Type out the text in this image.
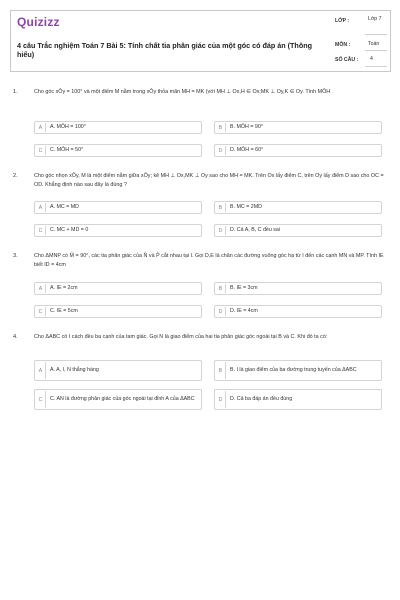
Quizizz
4 câu Trắc nghiệm Toán 7 Bài 5: Tính chất tia phân giác của một góc có đáp án (Thông hiểu)
LỚP :	Lớp 7
MÔN :	Toán
SỐ CÂU : 4
1.	Cho góc xÔy = 100° và một điểm M nằm trong xÔy thỏa mãn MH = MK (với MH ⊥ Ox,H ∈ Ox;MK ⊥ Oy,K ∈ Oy. Tính MÔH
A	A. MÔH = 100°	B	B. MÔH = 90°
C	C. MÔH = 50°	D	D. MÔH = 60°
2.	Cho góc nhọn xÔy, M là một điểm nằm giữa xÔy; kẻ MH ⊥ Ox,MK ⊥ Oy sao cho MH = MK. Trên Ox lấy điểm C, trên Oy lấy điểm D sao cho OC = OD. Khẳng định nào sau đây là đúng ?
A	A. MC = MD	B	B. MC = 2MD
C	C. MC + MD = 0	D	D. Cả A, B, C đều sai
3.	Cho ΔMNP có M̂ = 90°, các tia phân giác của N̂ và P̂ cắt nhau tại I. Gọi D,E là chân các đường vuông góc hạ từ I đến các cạnh MN và MP. Tính IE biết ID = 4cm
A	A. IE = 2cm	B	B. IE = 3cm
C	C. IE = 5cm	D	D. IE = 4cm
4.	Cho ΔABC có I cách đều ba cạnh của tam giác. Gọi N là giao điểm của hai tia phân giác góc ngoài tại B và C. Khi đó ta có:
A	A. A, I, N thẳng hàng	B	B. I là giao điểm của ba đường trung tuyến của ΔABC
C	C. AN là đường phân giác của góc ngoài tại đỉnh A của ΔABC	D	D. Cả ba đáp án đều đúng
